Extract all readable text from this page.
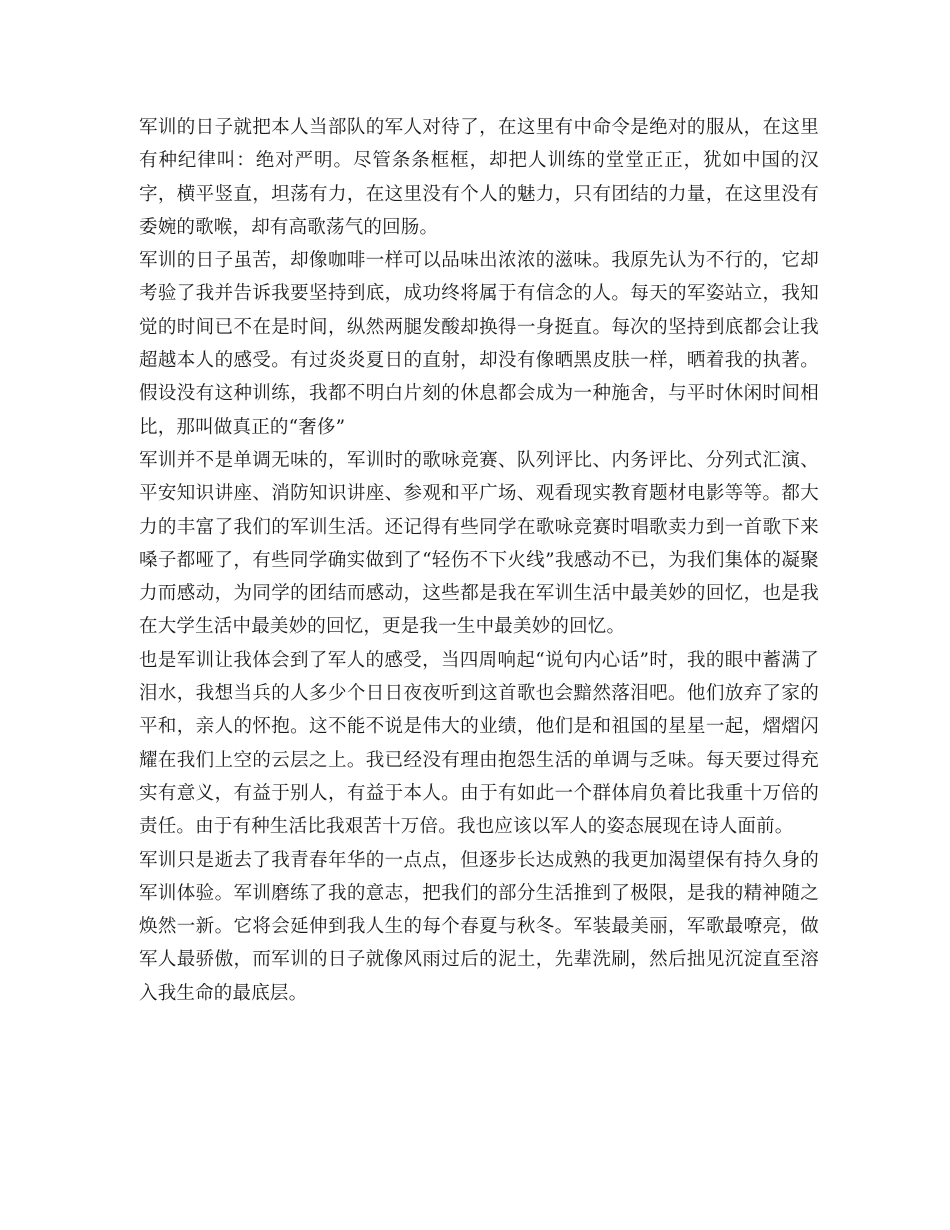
军训的日子就把本人当部队的军人对待了，在这里有中命令是绝对的服从，在这里有种纪律叫：绝对严明。尽管条条框框，却把人训练的堂堂正正，犹如中国的汉字，横平竖直，坦荡有力，在这里没有个人的魅力，只有团结的力量，在这里没有委婉的歌喉，却有高歌荡气的回肠。

军训的日子虽苦，却像咖啡一样可以品味出浓浓的滋味。我原先认为不行的，它却考验了我并告诉我要坚持到底，成功终将属于有信念的人。每天的军姿站立，我知觉的时间已不在是时间，纵然两腿发酸却换得一身挺直。每次的坚持到底都会让我超越本人的感受。有过炎炎夏日的直射，却没有像晒黑皮肤一样，晒着我的执著。假设没有这种训练，我都不明白片刻的休息都会成为一种施舍，与平时休闲时间相比，那叫做真正的“奢侈”

军训并不是单调无味的，军训时的歌咏竞赛、队列评比、内务评比、分列式汇演、平安知识讲座、消防知识讲座、参观和平广场、观看现实教育题材电影等等。都大力的丰富了我们的军训生活。还记得有些同学在歌咏竞赛时唱歌卖力到一首歌下来嗓子都哑了，有些同学确实做到了“轻伤不下火线”我感动不已，为我们集体的凝聚力而感动，为同学的团结而感动，这些都是我在军训生活中最美妙的回忆，也是我在大学生活中最美妙的回忆，更是我一生中最美妙的回忆。

也是军训让我体会到了军人的感受，当四周响起“说句内心话”时，我的眼中蓄满了泪水，我想当兵的人多少个日日夜夜听到这首歌也会黯然落泪吧。他们放弃了家的平和，亲人的怀抱。这不能不说是伟大的业绩，他们是和祖国的星星一起，熠熠闪耀在我们上空的云层之上。我已经没有理由抱怨生活的单调与乏味。每天要过得充实有意义，有益于别人，有益于本人。由于有如此一个群体肩负着比我重十万倍的责任。由于有种生活比我艰苦十万倍。我也应该以军人的姿态展现在诗人面前。

军训只是逝去了我青春年华的一点点，但逐步长达成熟的我更加渴望保有持久身的军训体验。军训磨练了我的意志，把我们的部分生活推到了极限，是我的精神随之焕然一新。它将会延伸到我人生的每个春夏与秋冬。军装最美丽，军歌最嘹亮，做军人最骄傲，而军训的日子就像风雨过后的泥土，先辈洗刷，然后拙见沉淀直至溶入我生命的最底层。
